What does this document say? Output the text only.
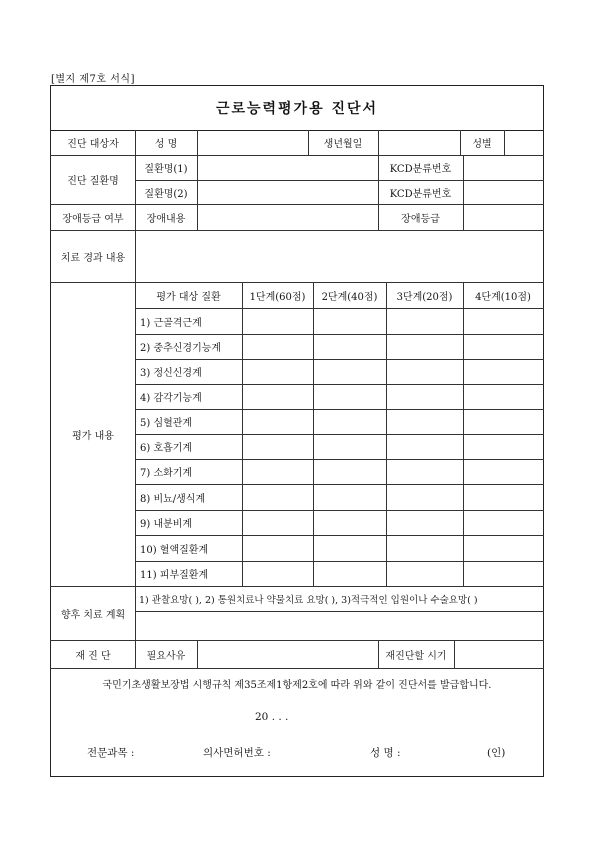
[별지 제7호 서식]
근로능력평가용 진단서
진단 대상자	성 명	생년월일	성별
진단 질환명
질환명(1)	KCD분류번호
질환명(2)	KCD분류번호
장애등급 여부	장애내용	장애등급
치료 경과 내용
평가 내용
평가 대상 질환	1단계(60점)	2단계(40점)	3단계(20점)	4단계(10점)
1) 근골격근계
2) 중추신경기능계
3) 정신신경계
4) 감각기능계
5) 심혈관계
6) 호흡기계
7) 소화기계
8) 비뇨/생식계
9) 내분비계
10) 혈액질환계
11) 피부질환계
향후 치료 계획
1) 관찰요망( ), 2) 통원치료나 약물치료 요망( ), 3)적극적인 입원이나 수술요망( )
재 진 단	필요사유	재진단할 시기
국민기초생활보장법 시행규칙 제35조제1항제2호에 따라 위와 같이 진단서를 발급합니다.
20 . . .
전문과목 :	의사면허번호 :	성 명 :	(인)
